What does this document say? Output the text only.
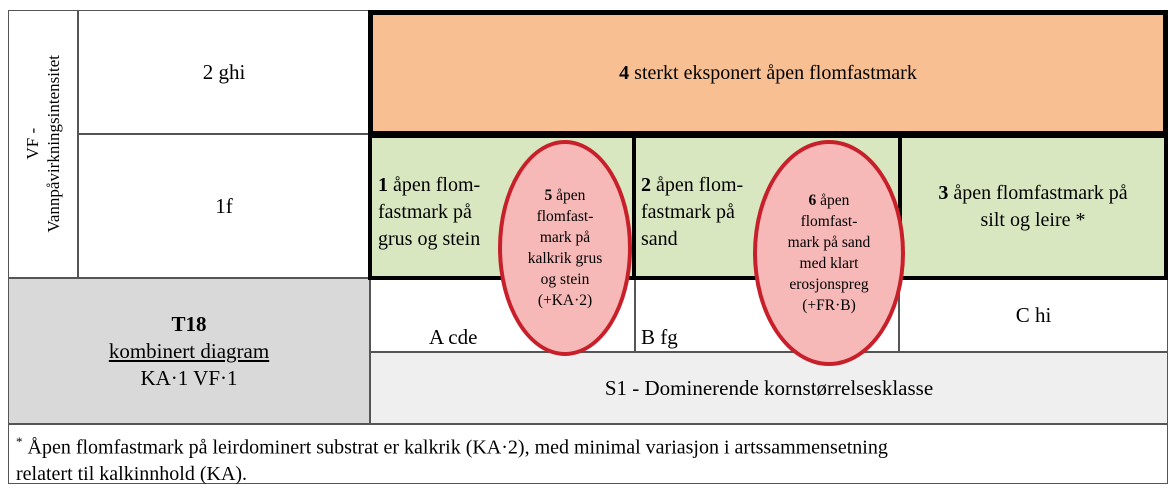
VF - Vannpåvirkningsintensitet	2 ghi
1f
T18
kombinert diagram
KA·1 VF·1
A cde	B fg
C hi
S1 - Dominerende kornstørrelsesklasse
4 sterkt eksponert åpen flomfastmark
1 åpen flom-
fastmark på
grus og stein
2 åpen flom-
fastmark på
sand
3 åpen flomfastmark på
silt og leire *
5 åpen
flomfast-
mark på
kalkrik grus
og stein
(+KA·2)
6 åpen
flomfast-
mark på sand
med klart
erosjonspreg
(+FR·B)
* Åpen flomfastmark på leirdominert substrat er kalkrik (KA·2), med minimal variasjon i artssammensetning
relatert til kalkinnhold (KA).
